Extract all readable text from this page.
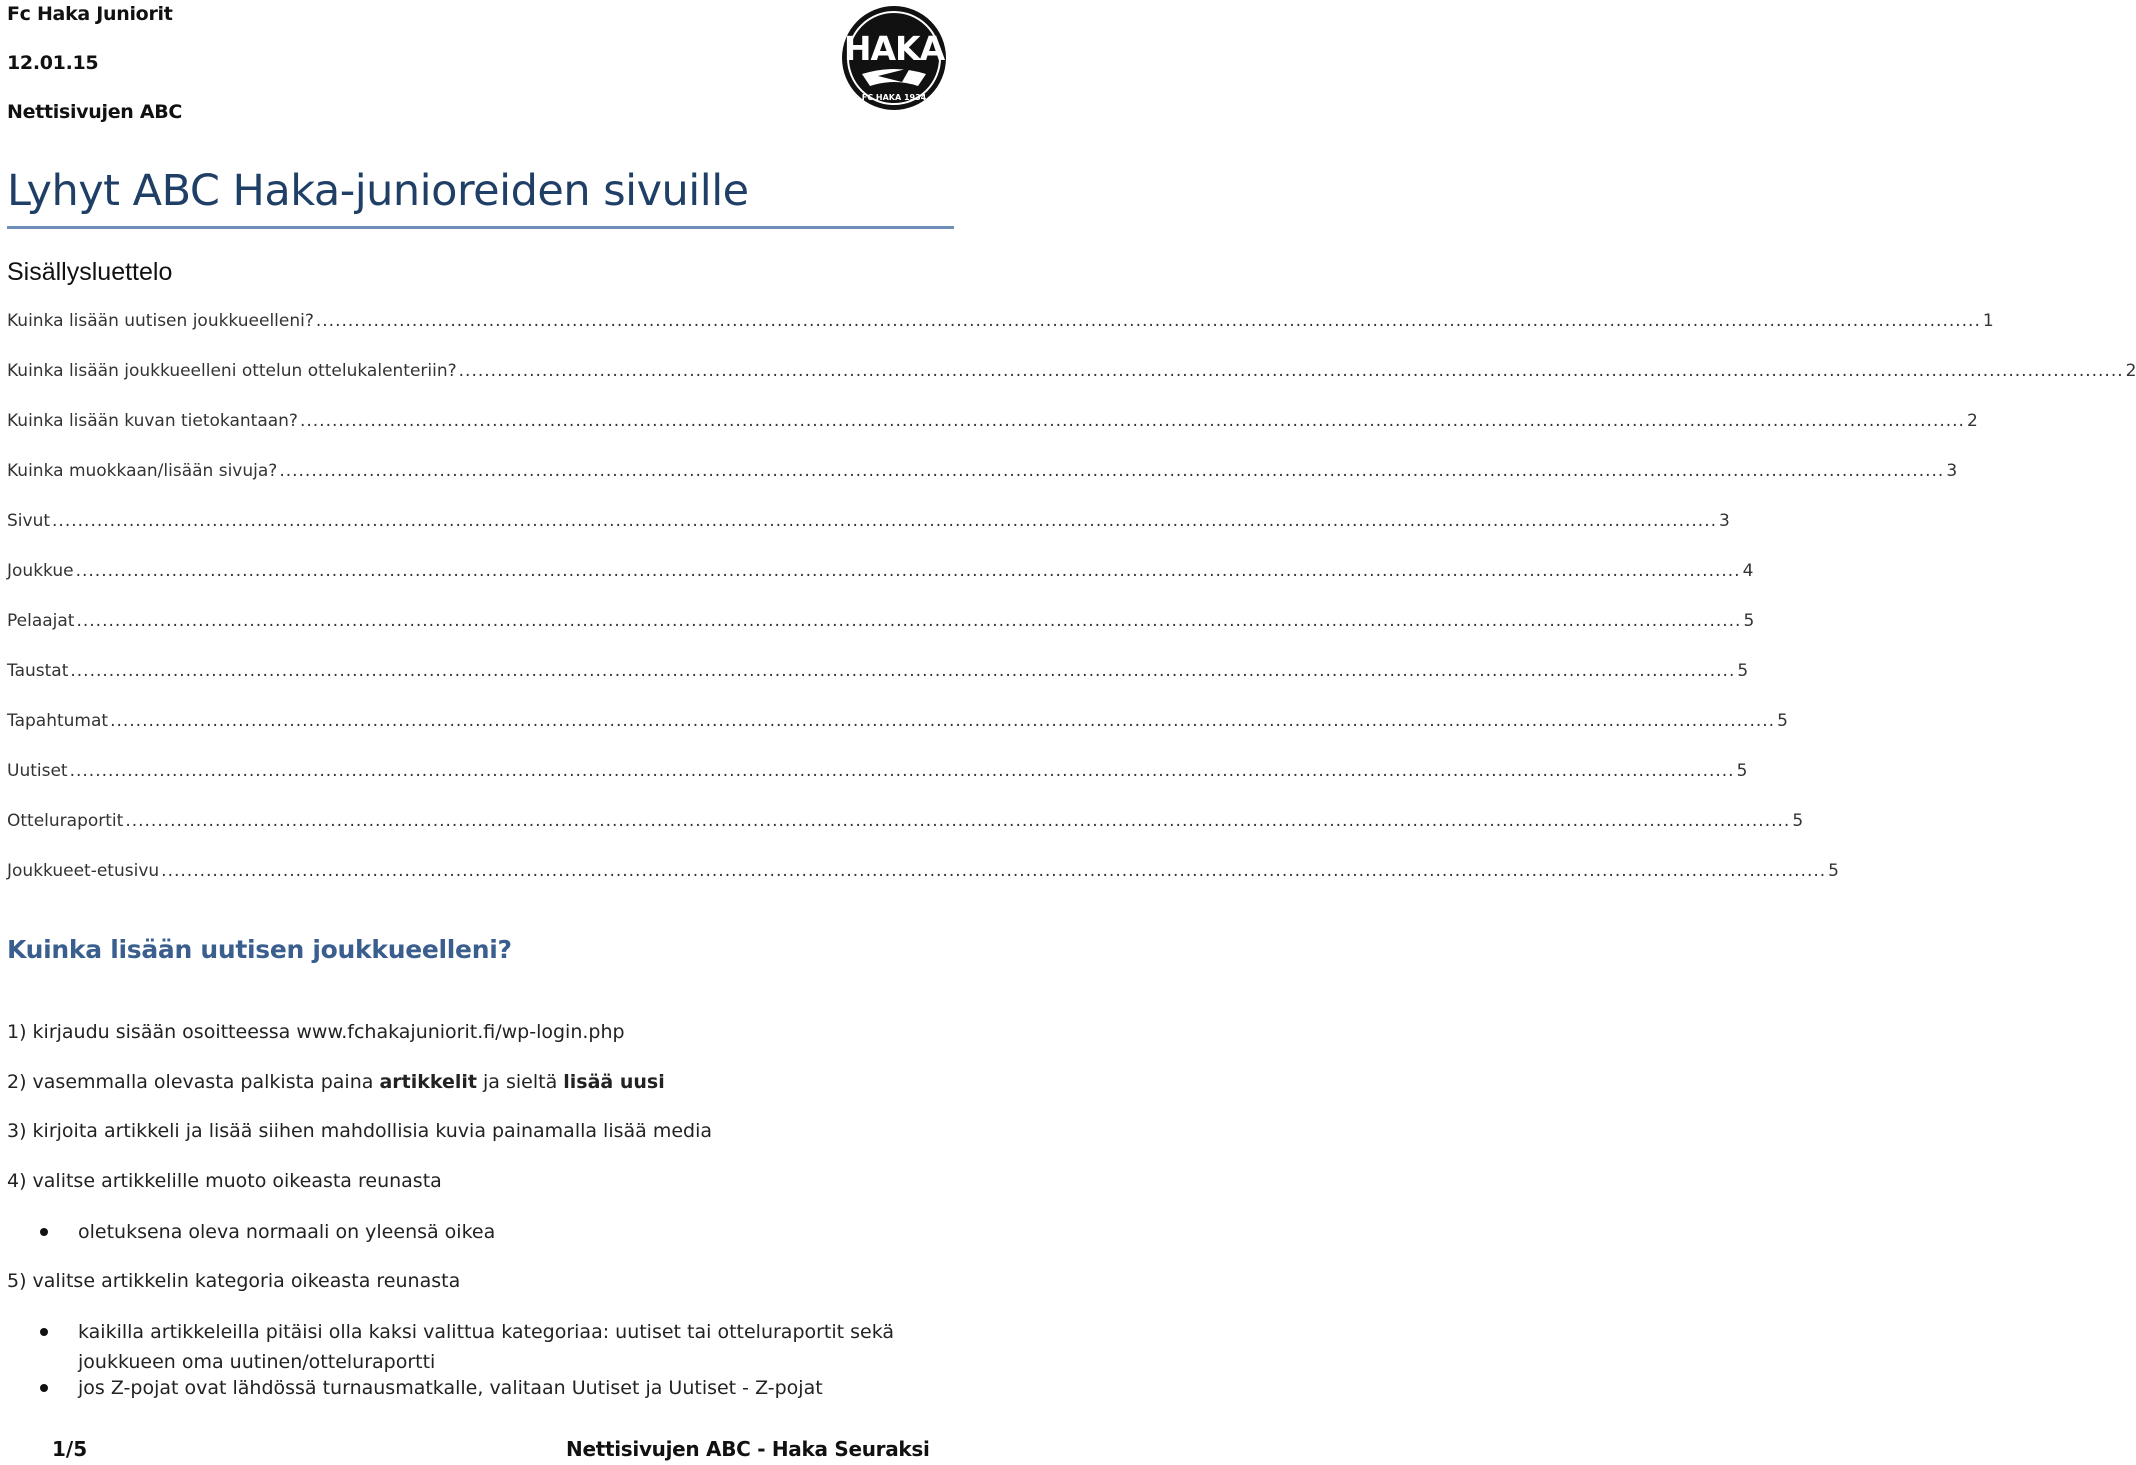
Fc Haka Juniorit
12.01.15
Nettisivujen ABC
HAKA
FC HAKA 1934
Lyhyt ABC Haka-junioreiden sivuille
Sisällysluettelo
Kuinka lisään uutisen joukkueelleni? .................................................................................................................................................................................................................................................................... 1
Kuinka lisään joukkueelleni ottelun ottelukalenteriin? .................................................................................................................................................................................................................................................................... 2
Kuinka lisään kuvan tietokantaan? .................................................................................................................................................................................................................................................................... 2
Kuinka muokkaan/lisään sivuja? .................................................................................................................................................................................................................................................................... 3
Sivut .................................................................................................................................................................................................................................................................... 3
Joukkue .................................................................................................................................................................................................................................................................... 4
Pelaajat .................................................................................................................................................................................................................................................................... 5
Taustat .................................................................................................................................................................................................................................................................... 5
Tapahtumat .................................................................................................................................................................................................................................................................... 5
Uutiset .................................................................................................................................................................................................................................................................... 5
Otteluraportit .................................................................................................................................................................................................................................................................... 5
Joukkueet-etusivu .................................................................................................................................................................................................................................................................... 5
Kuinka lisään uutisen joukkueelleni?
1) kirjaudu sisään osoitteessa www.fchakajuniorit.fi/wp-login.php
2) vasemmalla olevasta palkista paina artikkelit ja sieltä lisää uusi
3) kirjoita artikkeli ja lisää siihen mahdollisia kuvia painamalla lisää media
4) valitse artikkelille muoto oikeasta reunasta
oletuksena oleva normaali on yleensä oikea
5) valitse artikkelin kategoria oikeasta reunasta
kaikilla artikkeleilla pitäisi olla kaksi valittua kategoriaa: uutiset tai otteluraportit sekä joukkueen oma uutinen/otteluraportti
jos Z-pojat ovat lähdössä turnausmatkalle, valitaan Uutiset ja Uutiset - Z-pojat
1/5	Nettisivujen ABC - Haka Seuraksi
